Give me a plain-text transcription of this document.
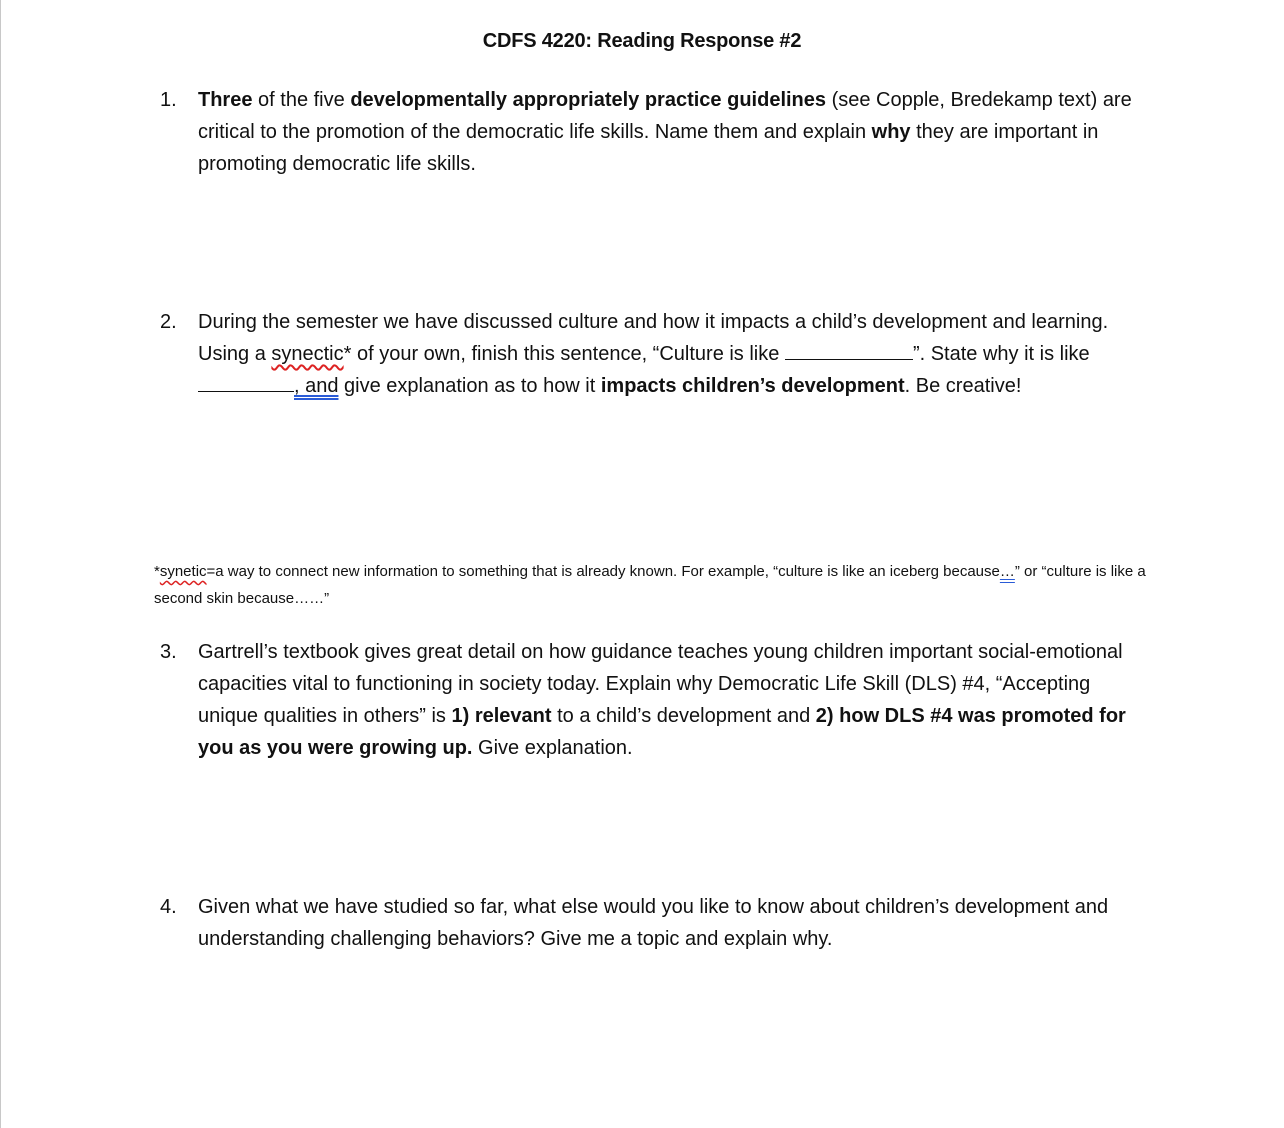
CDFS 4220: Reading Response #2
1. Three of the five developmentally appropriately practice guidelines (see Copple, Bredekamp text) are critical to the promotion of the democratic life skills. Name them and explain why they are important in promoting democratic life skills.
2. During the semester we have discussed culture and how it impacts a child’s development and learning. Using a synectic* of your own, finish this sentence, “Culture is like	”. State why it is like , and give explanation as to how it impacts children’s development. Be creative!
*synetic=a way to connect new information to something that is already known. For example, “culture is like an iceberg because…” or “culture is like a second skin because……”
3. Gartrell’s textbook gives great detail on how guidance teaches young children important social-emotional capacities vital to functioning in society today. Explain why Democratic Life Skill (DLS) #4, “Accepting unique qualities in others” is 1) relevant to a child’s development and 2) how DLS #4 was promoted for you as you were growing up. Give explanation.
4. Given what we have studied so far, what else would you like to know about children’s development and understanding challenging behaviors? Give me a topic and explain why.
